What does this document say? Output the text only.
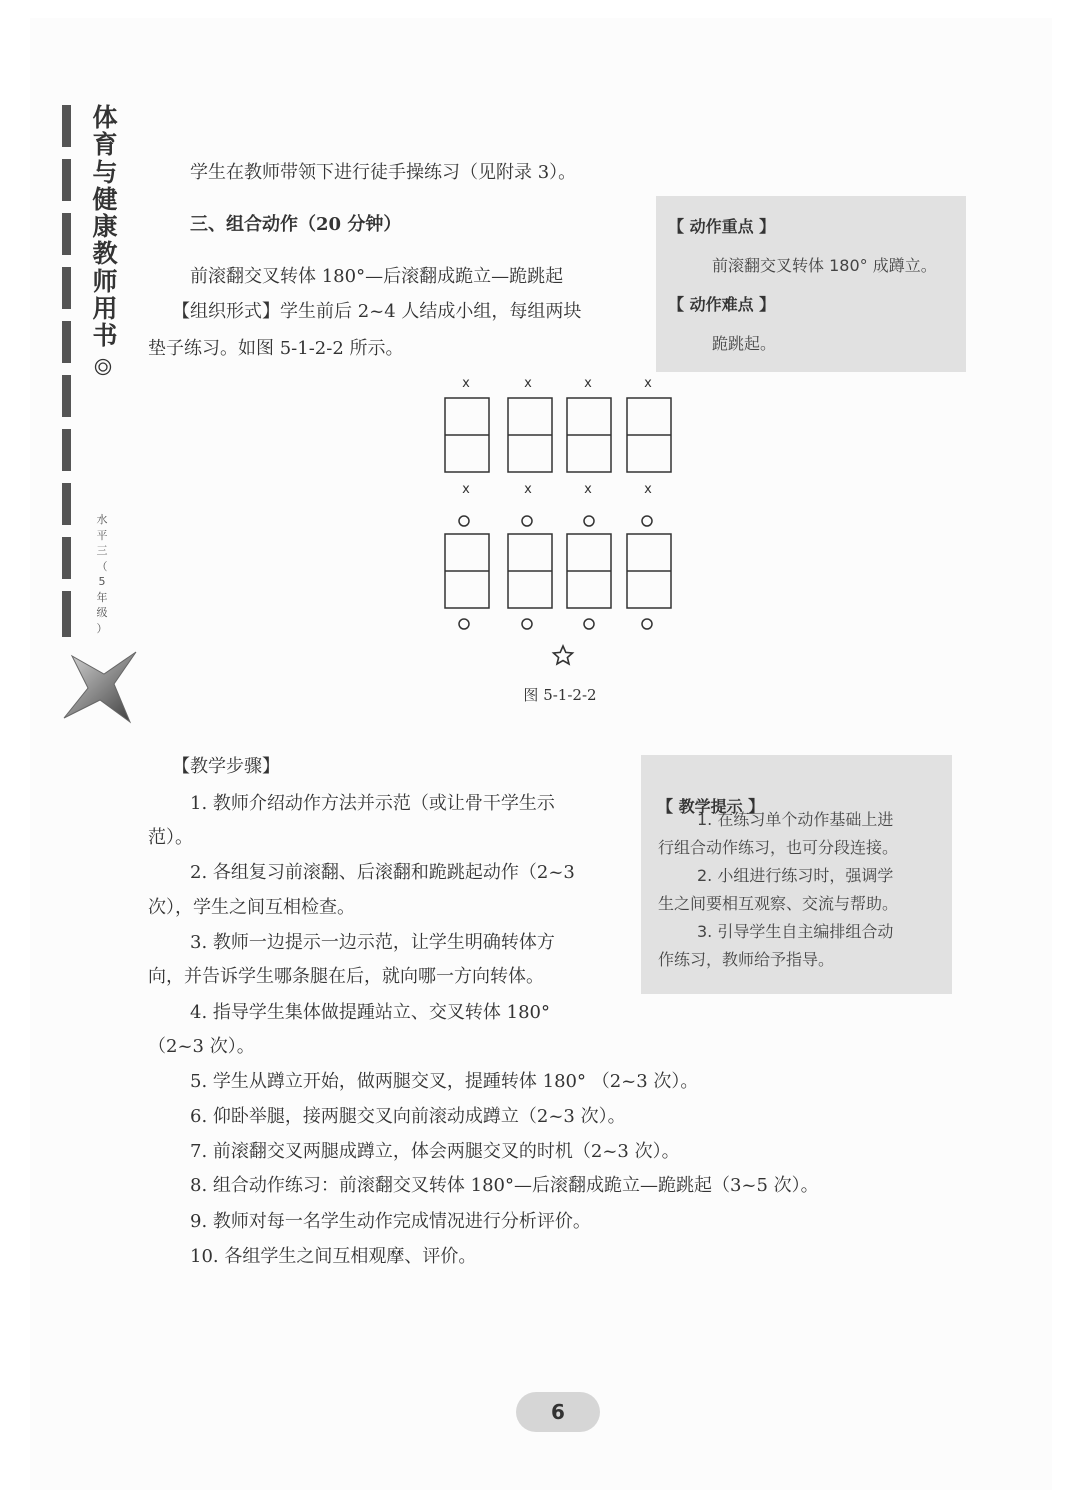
体
育
与
健
康
教
师
用
书
水
平
三
（
5
年
级
）

学生在教师带领下进行徒手操练习（见附录 3）。

三、组合动作（20 分钟）

前滚翻交叉转体 180°—后滚翻成跪立—跪跳起

【组织形式】学生前后 2~4 人结成小组，每组两块

垫子练习。如图 5-1-2-2 所示。

【 动作重点 】
前滚翻交叉转体 180° 成蹲立。
【 动作难点 】
跪跳起。
x	x	x	x
x	x	x	x
图 5-1-2-2

【教学步骤】

1. 教师介绍动作方法并示范（或让骨干学生示

范）。

2. 各组复习前滚翻、后滚翻和跪跳起动作（2~3

次），学生之间互相检查。

3. 教师一边提示一边示范，让学生明确转体方

向，并告诉学生哪条腿在后，就向哪一方向转体。

4. 指导学生集体做提踵站立、交叉转体 180°

（2~3 次）。

5. 学生从蹲立开始，做两腿交叉，提踵转体 180° （2~3 次）。

6. 仰卧举腿，接两腿交叉向前滚动成蹲立（2~3 次）。

7. 前滚翻交叉两腿成蹲立，体会两腿交叉的时机（2~3 次）。

8. 组合动作练习：前滚翻交叉转体 180°—后滚翻成跪立—跪跳起（3~5 次）。

9. 教师对每一名学生动作完成情况进行分析评价。

10. 各组学生之间互相观摩、评价。

【 教学提示 】
1. 在练习单个动作基础上进
行组合动作练习，也可分段连接。
2. 小组进行练习时，强调学
生之间要相互观察、交流与帮助。
3. 引导学生自主编排组合动
作练习，教师给予指导。
6
